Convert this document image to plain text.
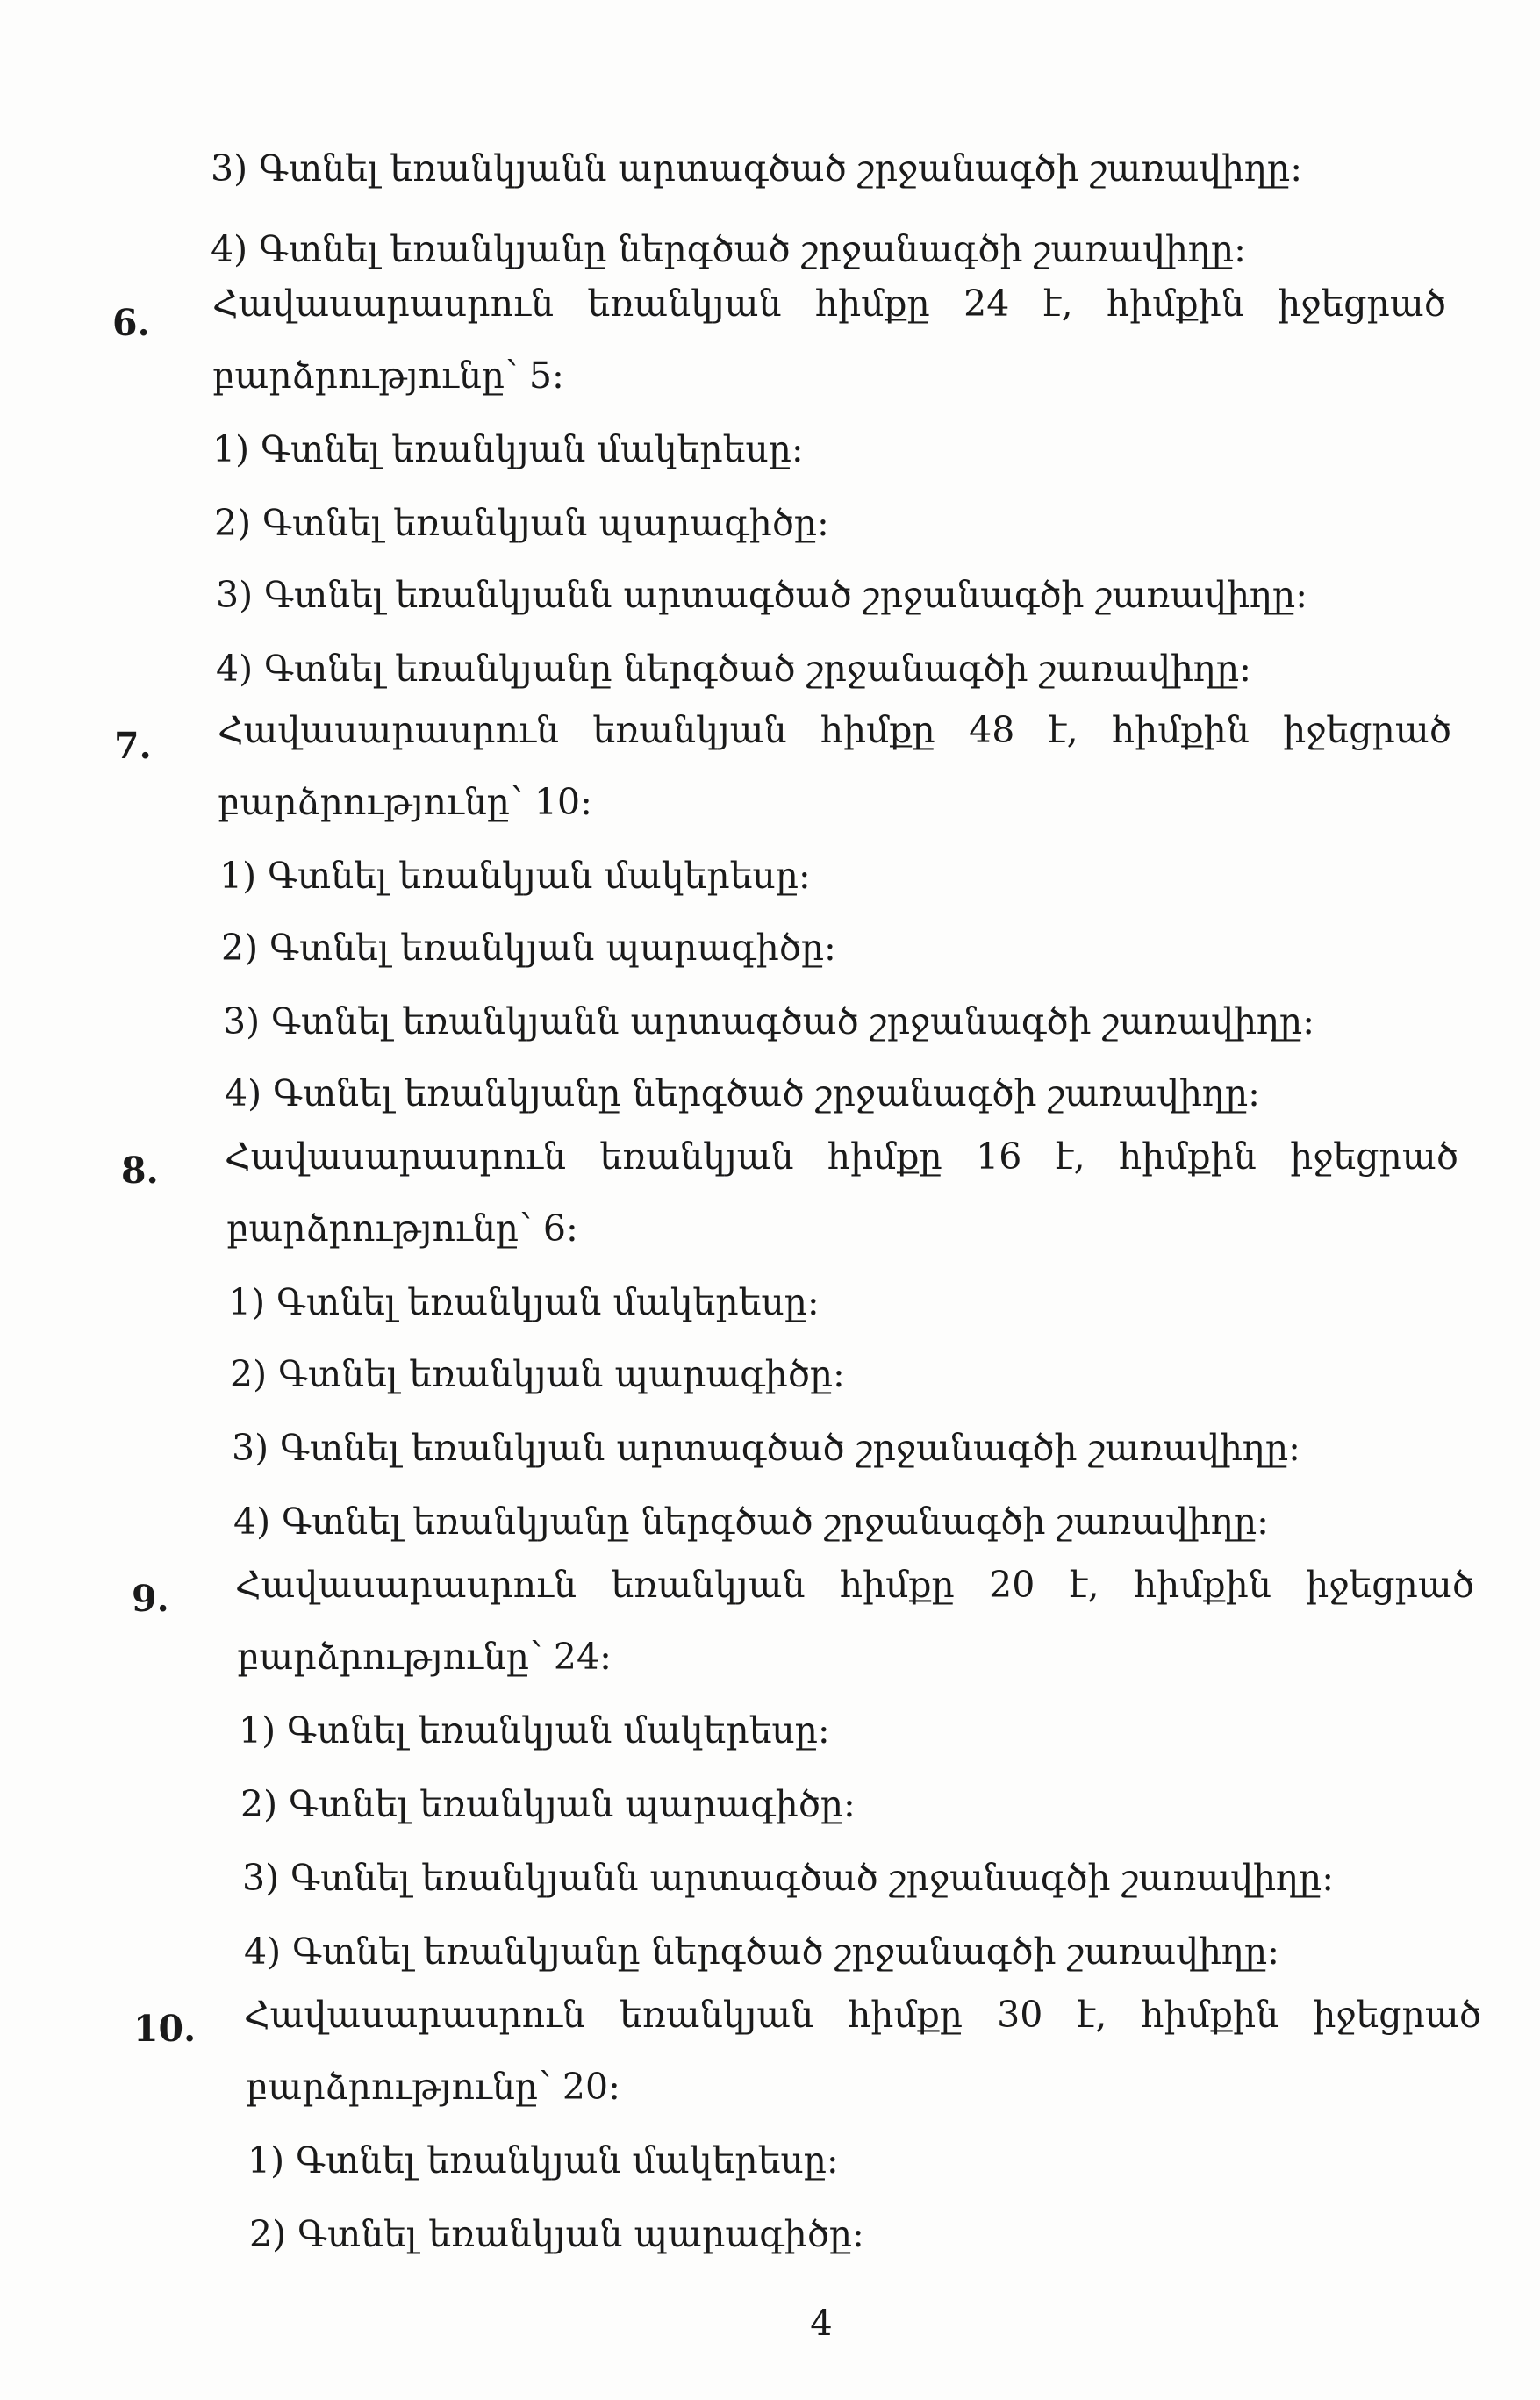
3) Գտնել եռանկյանն արտագծած շրջանագծի շառավիղը:
4) Գտնել եռանկյանը ներգծած շրջանագծի շառավիղը:
6. Հավասարասրուն եռանկյան հիմքը 24 է, հիմքին իջեցրած
բարձրությունը՝ 5:
1) Գտնել եռանկյան մակերեսը:
2) Գտնել եռանկյան պարագիծը:
3) Գտնել եռանկյանն արտագծած շրջանագծի շառավիղը:
4) Գտնել եռանկյանը ներգծած շրջանագծի շառավիղը:
7. Հավասարասրուն եռանկյան հիմքը 48 է, հիմքին իջեցրած
բարձրությունը՝ 10:
1) Գտնել եռանկյան մակերեսը:
2) Գտնել եռանկյան պարագիծը:
3) Գտնել եռանկյանն արտագծած շրջանագծի շառավիղը:
4) Գտնել եռանկյանը ներգծած շրջանագծի շառավիղը:
8. Հավասարասրուն եռանկյան հիմքը 16 է, հիմքին իջեցրած
բարձրությունը՝ 6:
1) Գտնել եռանկյան մակերեսը:
2) Գտնել եռանկյան պարագիծը:
3) Գտնել եռանկյան արտագծած շրջանագծի շառավիղը:
4) Գտնել եռանկյանը ներգծած շրջանագծի շառավիղը:
9. Հավասարասրուն եռանկյան հիմքը 20 է, հիմքին իջեցրած
բարձրությունը՝ 24:
1) Գտնել եռանկյան մակերեսը:
2) Գտնել եռանկյան պարագիծը:
3) Գտնել եռանկյանն արտագծած շրջանագծի շառավիղը:
4) Գտնել եռանկյանը ներգծած շրջանագծի շառավիղը:
10. Հավասարասրուն եռանկյան հիմքը 30 է, հիմքին իջեցրած
բարձրությունը՝ 20:
1) Գտնել եռանկյան մակերեսը:
2) Գտնել եռանկյան պարագիծը:
4
